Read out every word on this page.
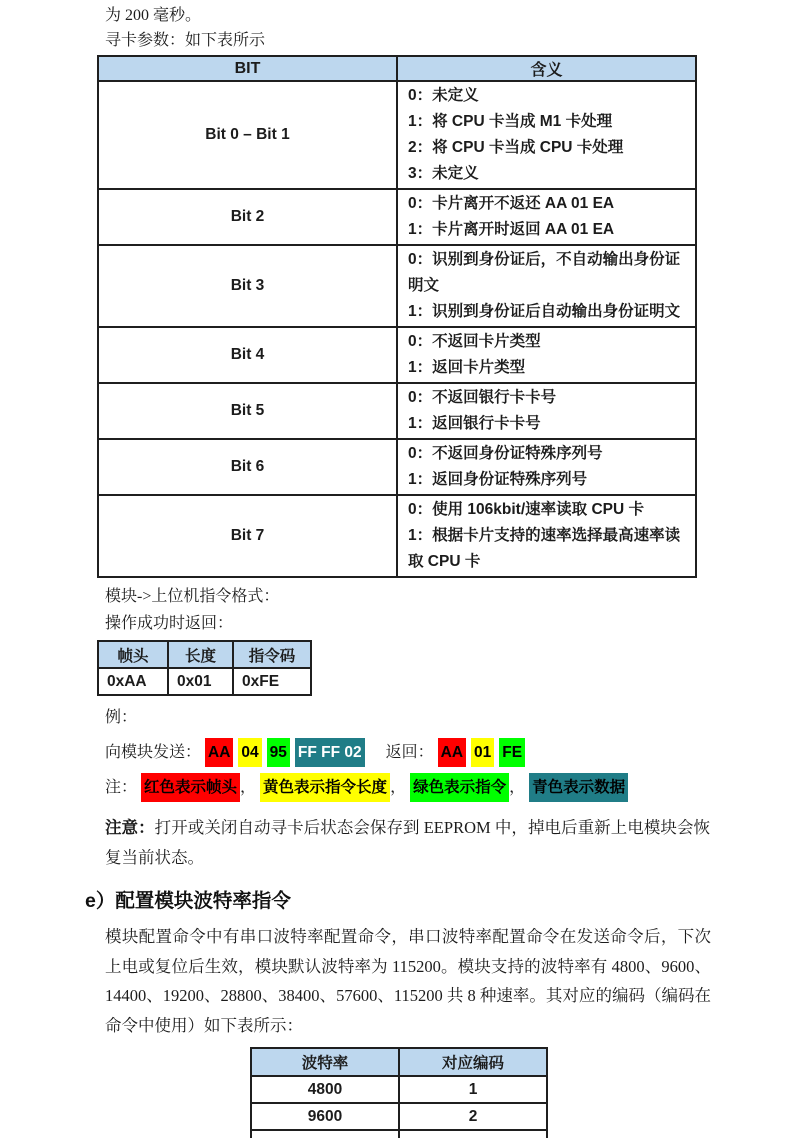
为 200 毫秒。
寻卡参数：如下表所示
BIT	含义
Bit 0 – Bit 1	0：未定义
1：将 CPU 卡当成 M1 卡处理
2：将 CPU 卡当成 CPU 卡处理
3：未定义

Bit 2	0：卡片离开不返还 AA 01 EA
1：卡片离开时返回 AA 01 EA

Bit 3	0：识别到身份证后，不自动输出身份证明文
1：识别到身份证后自动输出身份证明文

Bit 4	0：不返回卡片类型
1：返回卡片类型

Bit 5	0：不返回银行卡卡号
1：返回银行卡卡号

Bit 6	0：不返回身份证特殊序列号
1：返回身份证特殊序列号

Bit 7	0：使用 106kbit/速率读取 CPU 卡
1：根据卡片支持的速率选择最高速率读取 CPU 卡
模块->上位机指令格式：
操作成功时返回：
帧头	长度	指令码
0xAA	0x01	0xFE
例：
向模块发送： AA 04 95 FF FF 02 返回： AA 01 FE
注： 红色表示帧头 ， 黄色表示指令长度 ， 绿色表示指令 ， 青色表示数据
注意：打开或关闭自动寻卡后状态会保存到 EEPROM 中，掉电后重新上电模块会恢复当前状态。
e）配置模块波特率指令
模块配置命令中有串口波特率配置命令，串口波特率配置命令在发送命令后，下次上电或复位后生效，模块默认波特率为 115200。模块支持的波特率有 4800、9600、14400、19200、28800、38400、57600、115200 共 8 种速率。其对应的编码（编码在命令中使用）如下表所示：
波特率	对应编码
4800	1
9600	2
